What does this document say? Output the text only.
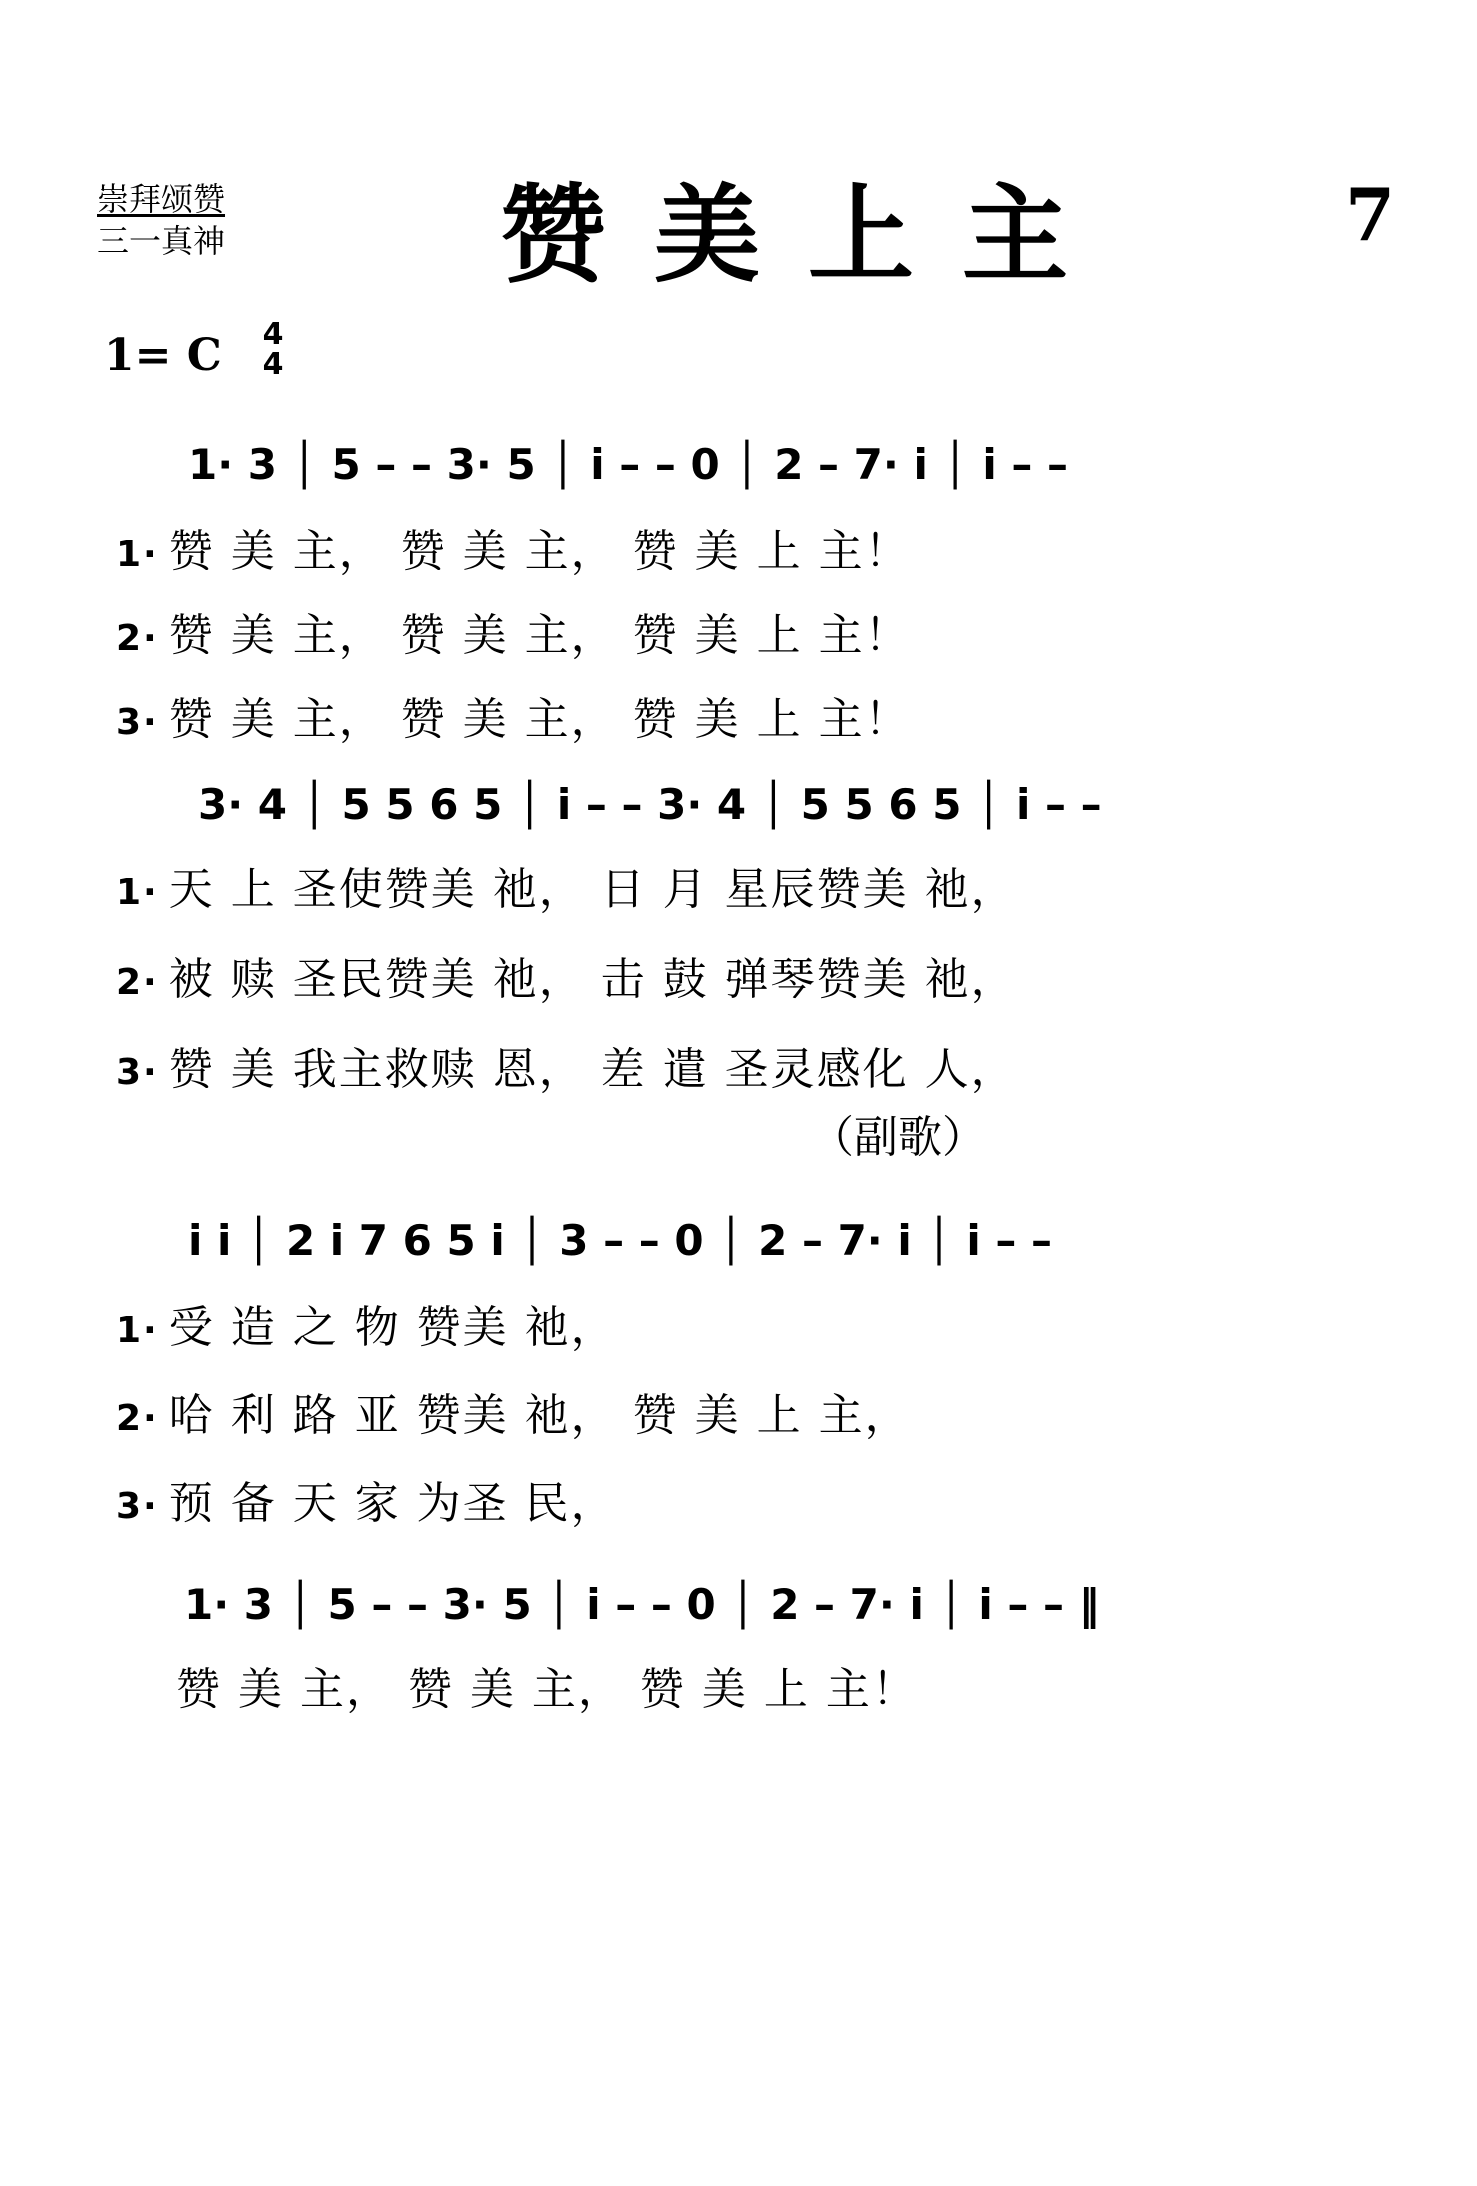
崇拜颂赞
三一真神	赞美上主	7
1= C 4
4
1· 3 │ 5 – – 3· 5 │ i – – 0 │ 2 – 7· i │ i – –
1· 赞 美 主， 赞 美 主， 赞 美 上 主！
2· 赞 美 主， 赞 美 主， 赞 美 上 主！
3· 赞 美 主， 赞 美 主， 赞 美 上 主！
3· 4 │ 5 5 6 5 │ i – – 3· 4 │ 5 5 6 5 │ i – –
1· 天 上 圣使赞美 祂， 日 月 星辰赞美 祂，
2· 被 赎 圣民赞美 祂， 击 鼓 弹琴赞美 祂，
3· 赞 美 我主救赎 恩， 差 遣 圣灵感化 人，
（副歌）
i i │ 2 i 7 6 5 i │ 3 – – 0 │ 2 – 7· i │ i – –
1· 受 造 之 物 赞美 祂，
2· 哈 利 路 亚 赞美 祂， 赞 美 上 主，
3· 预 备 天 家 为圣 民，
1· 3 │ 5 – – 3· 5 │ i – – 0 │ 2 – 7· i │ i – – ‖
赞 美 主， 赞 美 主， 赞 美 上 主！
